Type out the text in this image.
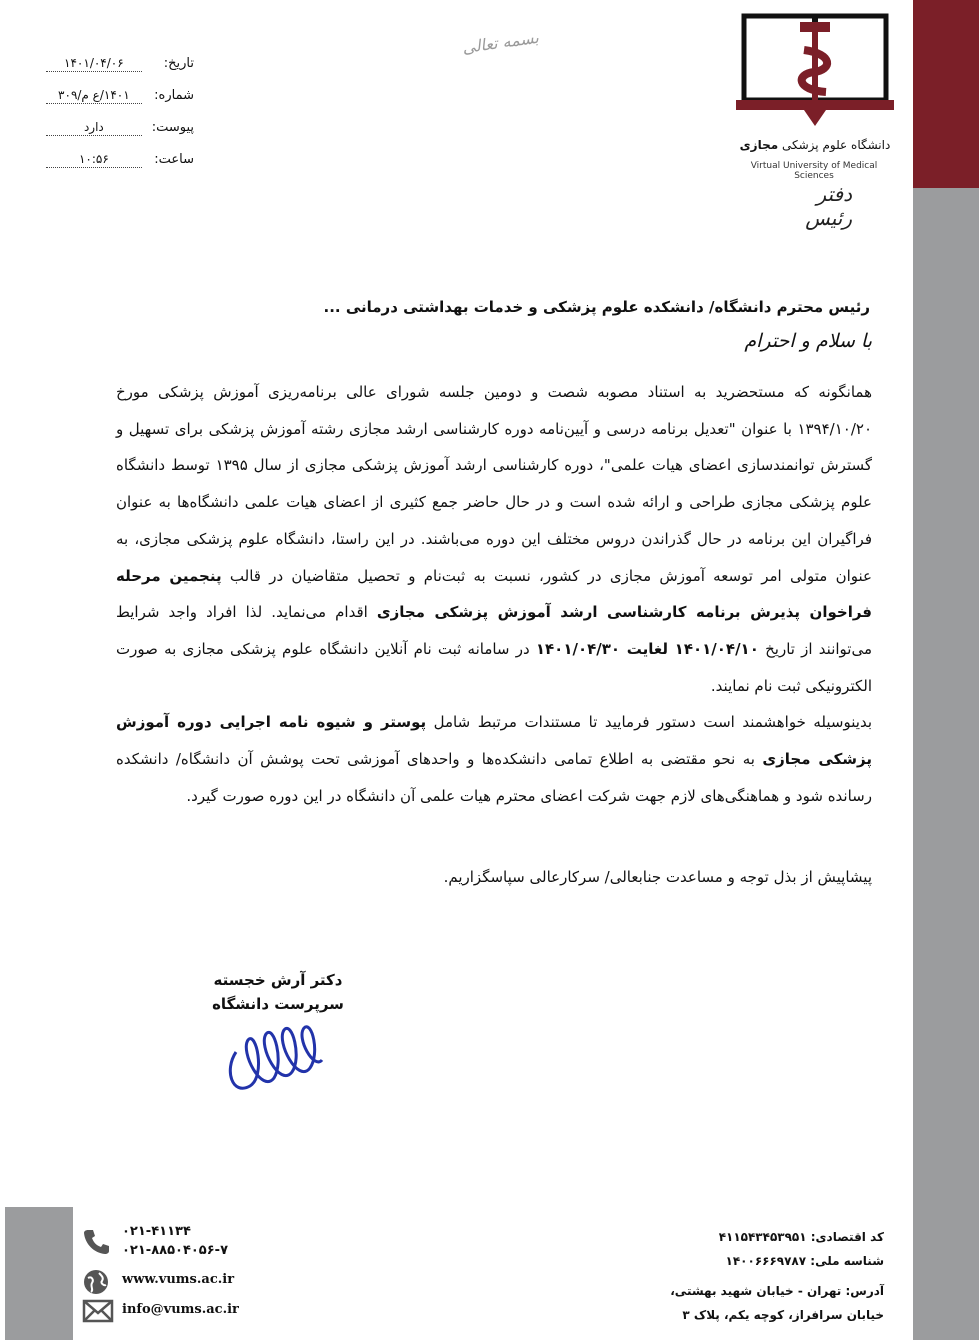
تاریخ: ۱۴۰۱/۰۴/۰۶
شماره: ۱۴۰۱/ع م/۳۰۹
پیوست: دارد
ساعت: ۱۰:۵۶
بسمه تعالی
دانشگاه علوم پزشکی مجازی
Virtual University of Medical Sciences
دفتر رئیس
رئیس محترم دانشگاه/ دانشکده علوم پزشکی و خدمات بهداشتی درمانی ...
با سلام و احترام
همانگونه که مستحضرید به استناد مصوبه شصت و دومین جلسه شورای عالی برنامه‌ریزی آموزش پزشکی مورخ ۱۳۹۴/۱۰/۲۰ با عنوان "تعدیل برنامه درسی و آیین‌نامه دوره کارشناسی ارشد مجازی رشته آموزش پزشکی برای تسهیل و گسترش توانمندسازی اعضای هیات علمی"، دوره کارشناسی ارشد آموزش پزشکی مجازی از سال ۱۳۹۵ توسط دانشگاه علوم پزشکی مجازی طراحی و ارائه شده است و در حال حاضر جمع کثیری از اعضای هیات علمی دانشگاه‌ها به عنوان فراگیران این برنامه در حال گذراندن دروس مختلف این دوره می‌باشند. در این راستا، دانشگاه علوم پزشکی مجازی، به عنوان متولی امر توسعه آموزش مجازی در کشور، نسبت به ثبت‌نام و تحصیل متقاضیان در قالب پنجمین مرحله فراخوان پذیرش برنامه کارشناسی ارشد آموزش پزشکی مجازی اقدام می‌نماید. لذا افراد واجد شرایط می‌توانند از تاریخ ۱۴۰۱/۰۴/۱۰ لغایت ۱۴۰۱/۰۴/۳۰ در سامانه ثبت نام آنلاین دانشگاه علوم پزشکی مجازی به صورت الکترونیکی ثبت نام نمایند.
بدینوسیله خواهشمند است دستور فرمایید تا مستندات مرتبط شامل پوستر و شیوه نامه اجرایی دوره آموزش پزشکی مجازی به نحو مقتضی به اطلاع تمامی دانشکده‌ها و واحدهای آموزشی تحت پوشش آن دانشگاه/ دانشکده رسانده شود و هماهنگی‌های لازم جهت شرکت اعضای محترم هیات علمی آن دانشگاه در این دوره صورت گیرد.
پیشاپیش از بذل توجه و مساعدت جنابعالی/ سرکارعالی سپاسگزاریم.
دکتر آرش خجسته
سرپرست دانشگاه
۰۲۱-۴۱۱۳۴
۰۲۱-۸۸۵۰۴۰۵۶-۷
www.vums.ac.ir
info@vums.ac.ir
کد اقتصادی: ۴۱۱۵۴۳۴۵۳۹۵۱
شناسه ملی: ۱۴۰۰۶۶۶۹۷۸۷
آدرس: تهران - خیابان شهید بهشتی،
خیابان سرافراز، کوچه یکم، پلاک ۳
